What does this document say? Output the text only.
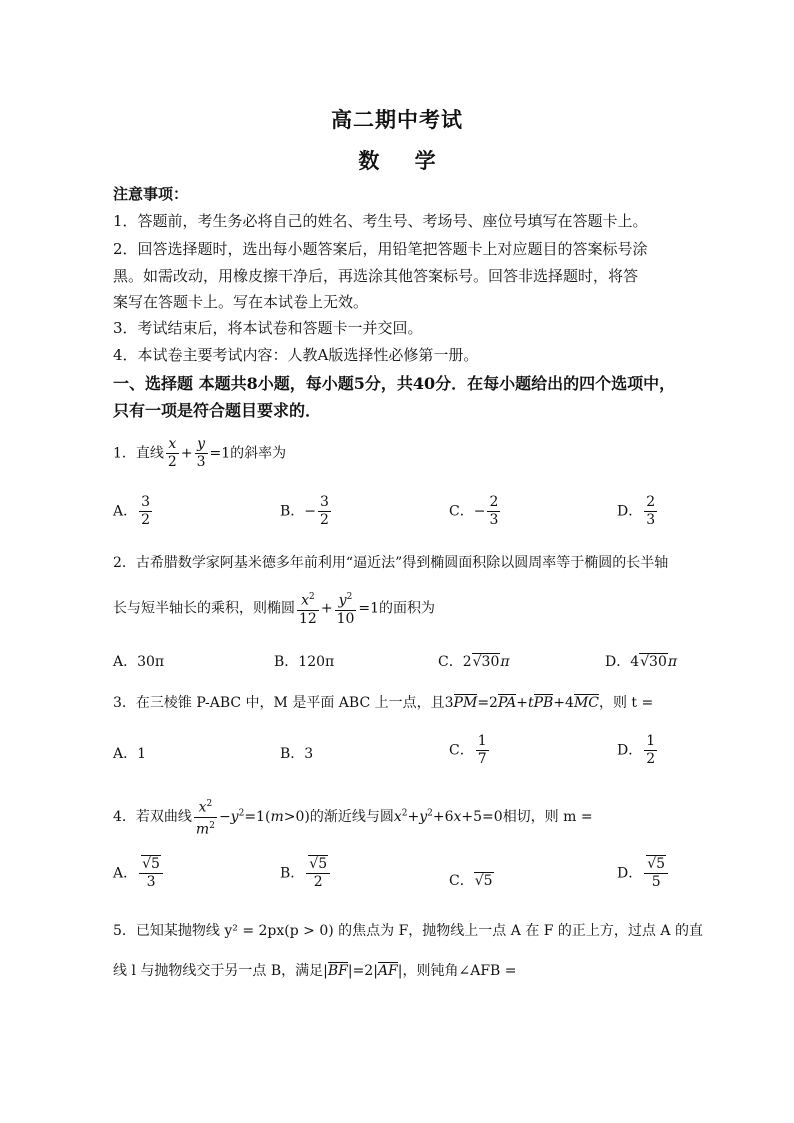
高二期中考试
数 学
注意事项：
1．答题前，考生务必将自己的姓名、考生号、考场号、座位号填写在答题卡上。
2．回答选择题时，选出每小题答案后，用铅笔把答题卡上对应题目的答案标号涂
黑。如需改动，用橡皮擦干净后，再选涂其他答案标号。回答非选择题时，将答
案写在答题卡上。写在本试卷上无效。
3．考试结束后，将本试卷和答题卡一并交回。
4．本试卷主要考试内容：人教A版选择性必修第一册。
一、选择题 本题共8小题，每小题5分，共40分．在每小题给出的四个选项中，
只有一项是符合题目要求的．
1．直线 $\frac{x}{2} + \frac{y}{3} =1$的斜率为
A． $\frac{3}{2}$	B．− $\frac{3}{2}$	C．− $\frac{2}{3}$	D． $\frac{2}{3}$
2．古希腊数学家阿基米德多年前利用“逼近法”得到椭圆面积除以圆周率等于椭圆的长半轴
长与短半轴长的乘积，则椭圆 $\frac{x^2}{12} + \frac{y^2}{10} =1$的面积为
A．30π	B．120π	C．2√30π	D．4√30π
3．在三棱锥 P-ABC 中，M 是平面 ABC 上一点，且3PM=2PA+tPB+4MC，则 t =
A．1	B．3	C． $\frac{1}{7}$	D． $\frac{1}{2}$
4．若双曲线 $\frac{x^2}{m^2} -y^2=1(m>0)$的渐近线与圆$x^2+y^2+6x+5=0$相切，则 m =
A． $\frac{√5}{3}$	B． $\frac{√5}{2}$	C．√5	D． $\frac{√5}{5}$
5．已知某抛物线 y² = 2px(p > 0) 的焦点为 F，抛物线上一点 A 在 F 的正上方，过点 A 的直
线 l 与抛物线交于另一点 B，满足|BF|=2|AF|，则钝角∠AFB =
